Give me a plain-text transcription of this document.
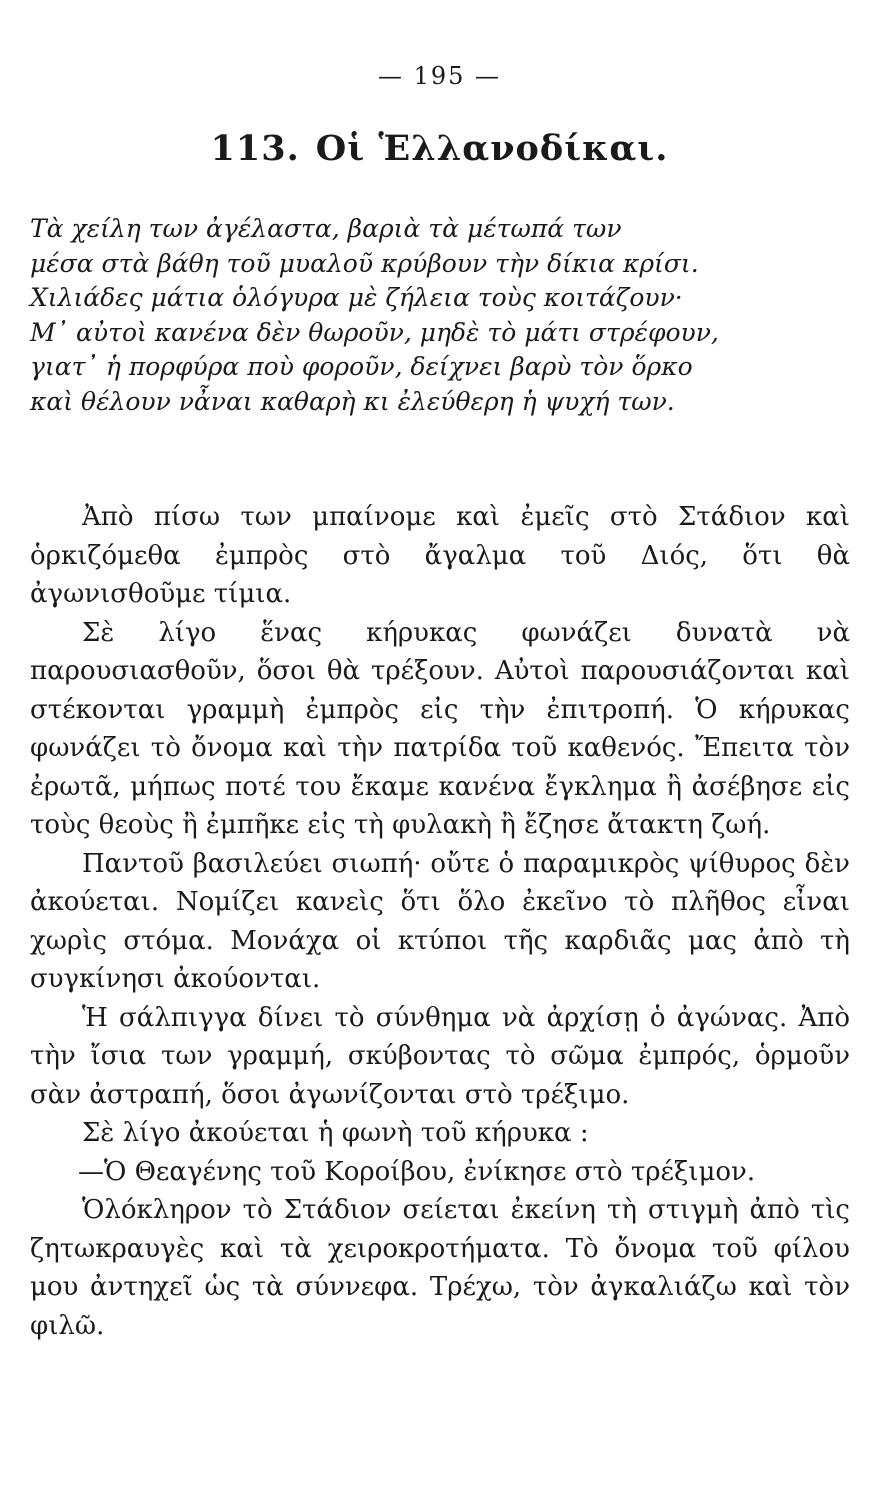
— 195 —
113. Οἱ Ἑλλανοδίκαι.
Τὰ χείλη των ἀγέλαστα, βαριὰ τὰ μέτωπά των
μέσα στὰ βάθη τοῦ μυαλοῦ κρύβουν τὴν δίκια κρίσι.
Χιλιάδες μάτια ὁλόγυρα μὲ ζήλεια τοὺς κοιτάζουν·
Μ᾽ αὐτοὶ κανένα δὲν θωροῦν, μηδὲ τὸ μάτι στρέφουν,
γιατ᾽ ἡ πορφύρα ποὺ φοροῦν, δείχνει βαρὺ τὸν ὅρκο
καὶ θέλουν νἆναι καθαρὴ κι ἐλεύθερη ἡ ψυχή των.

Ἀπὸ πίσω των μπαίνομε καὶ ἐμεῖς στὸ Στάδιον καὶ ὁρκιζόμεθα ἐμπρὸς στὸ ἄγαλμα τοῦ Διός, ὅτι θὰ ἀγωνισθοῦμε τίμια.

Σὲ λίγο ἕνας κήρυκας φωνάζει δυνατὰ νὰ παρουσιασθοῦν, ὅσοι θὰ τρέξουν. Αὐτοὶ παρουσιάζονται καὶ στέκονται γραμμὴ ἐμπρὸς εἰς τὴν ἐπιτροπή. Ὁ κήρυκας φωνάζει τὸ ὄνομα καὶ τὴν πατρίδα τοῦ καθενός. Ἔπειτα τὸν ἐρωτᾶ, μήπως ποτέ του ἔκαμε κανένα ἔγκλημα ἢ ἀσέβησε εἰς τοὺς θεοὺς ἢ ἐμπῆκε εἰς τὴ φυλακὴ ἢ ἔζησε ἄτακτη ζωή.

Παντοῦ βασιλεύει σιωπή· οὔτε ὁ παραμικρὸς ψίθυρος δὲν ἀκούεται. Νομίζει κανεὶς ὅτι ὅλο ἐκεῖνο τὸ πλῆθος εἶναι χωρὶς στόμα. Μονάχα οἱ κτύποι τῆς καρδιᾶς μας ἀπὸ τὴ συγκίνησι ἀκούονται.

Ἡ σάλπιγγα δίνει τὸ σύνθημα νὰ ἀρχίσῃ ὁ ἀγώνας. Ἀπὸ τὴν ἴσια των γραμμή, σκύβοντας τὸ σῶμα ἐμπρός, ὁρμοῦν σὰν ἀστραπή, ὅσοι ἀγωνίζονται στὸ τρέξιμο.

Σὲ λίγο ἀκούεται ἡ φωνὴ τοῦ κήρυκα :

—Ὁ Θεαγένης τοῦ Κοροίβου, ἐνίκησε στὸ τρέξιμον.

Ὁλόκληρον τὸ Στάδιον σείεται ἐκείνη τὴ στιγμὴ ἀπὸ τὶς ζητωκραυγὲς καὶ τὰ χειροκροτήματα. Τὸ ὄνομα τοῦ φίλου μου ἀντηχεῖ ὡς τὰ σύννεφα. Τρέχω, τὸν ἀγκαλιάζω καὶ τὸν φιλῶ.
